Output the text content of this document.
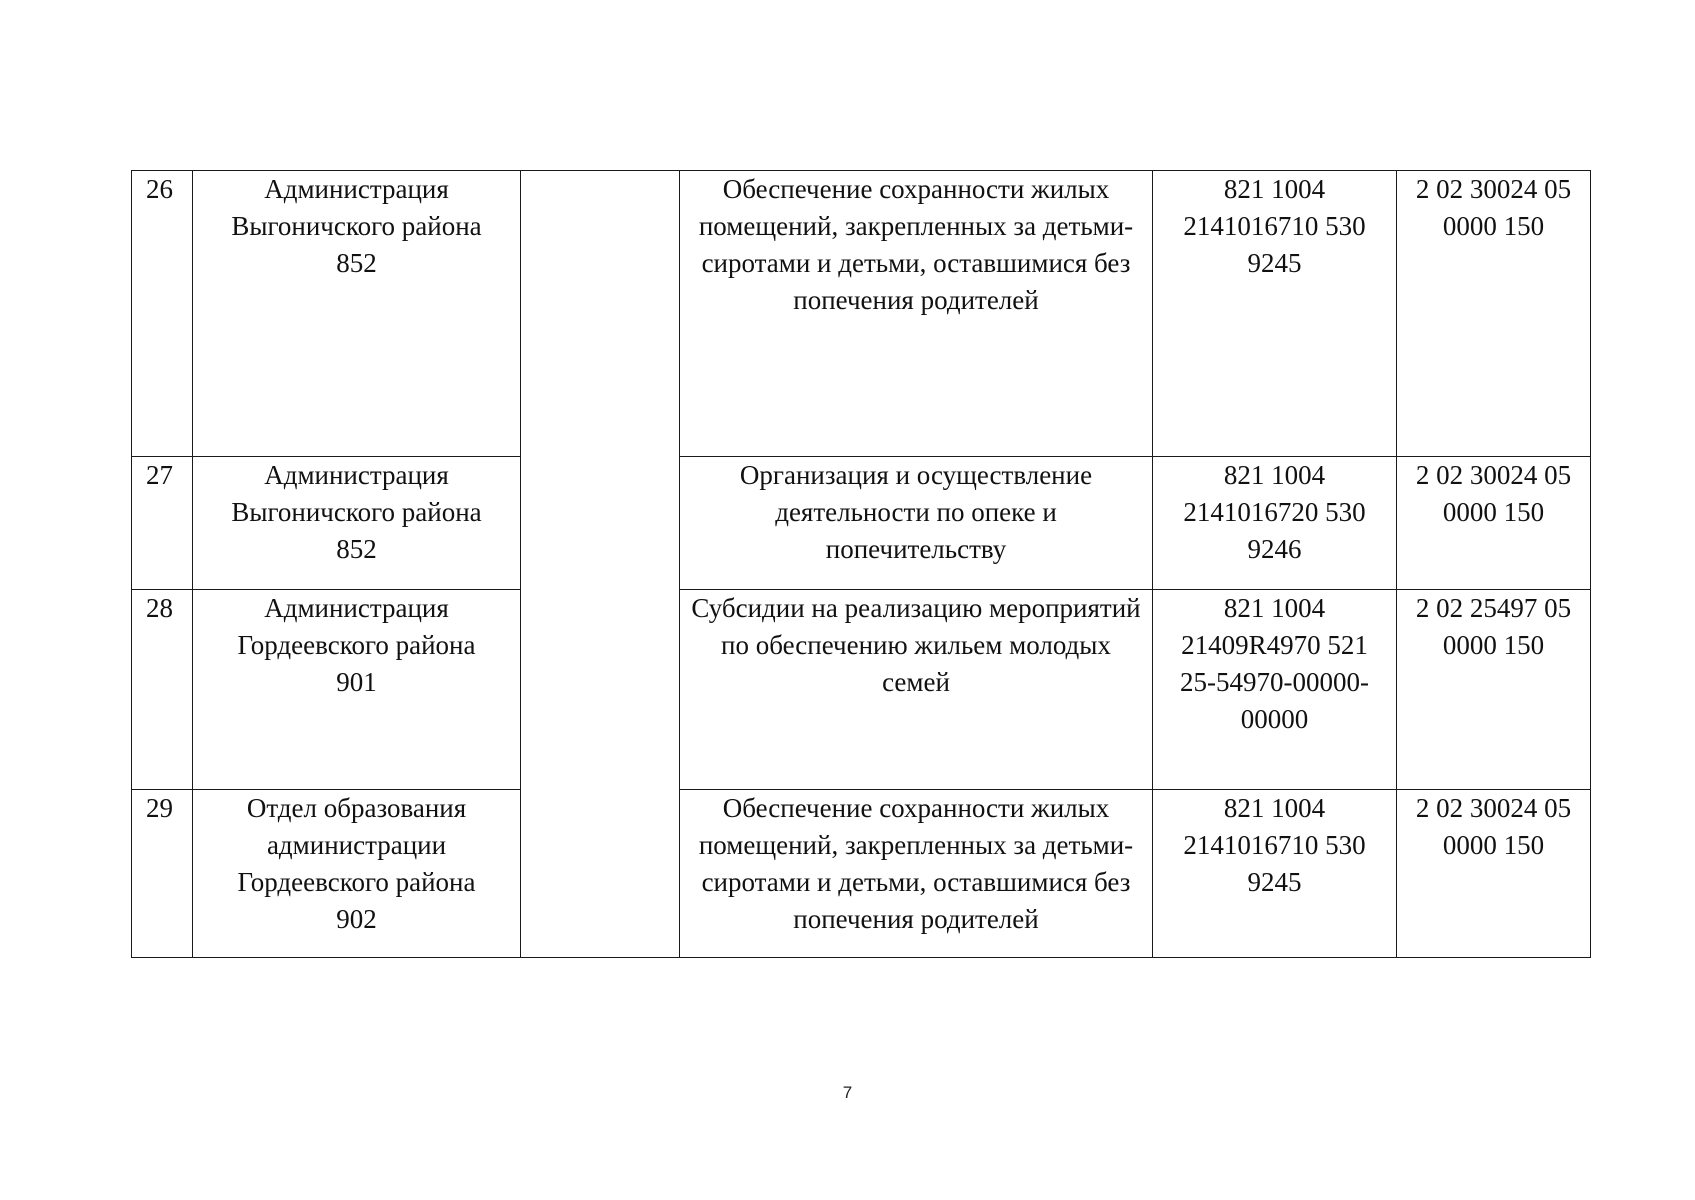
26	Администрация
Выгоничского района
852		Обеспечение сохранности жилых
помещений, закрепленных за детьми-
сиротами и детьми, оставшимися без
попечения родителей	821 1004
2141016710 530
9245	2 02 30024 05
0000 150

27	Администрация
Выгоничского района
852		Организация и осуществление
деятельности по опеке и
попечительству	821 1004
2141016720 530
9246	2 02 30024 05
0000 150

28	Администрация
Гордеевского района
901		Субсидии на реализацию мероприятий
по обеспечению жильем молодых
семей	821 1004
21409R4970 521
25-54970-00000-
00000	2 02 25497 05
0000 150

29	Отдел образования
администрации
Гордеевского района
902		Обеспечение сохранности жилых
помещений, закрепленных за детьми-
сиротами и детьми, оставшимися без
попечения родителей	821 1004
2141016710 530
9245	2 02 30024 05
0000 150
7
